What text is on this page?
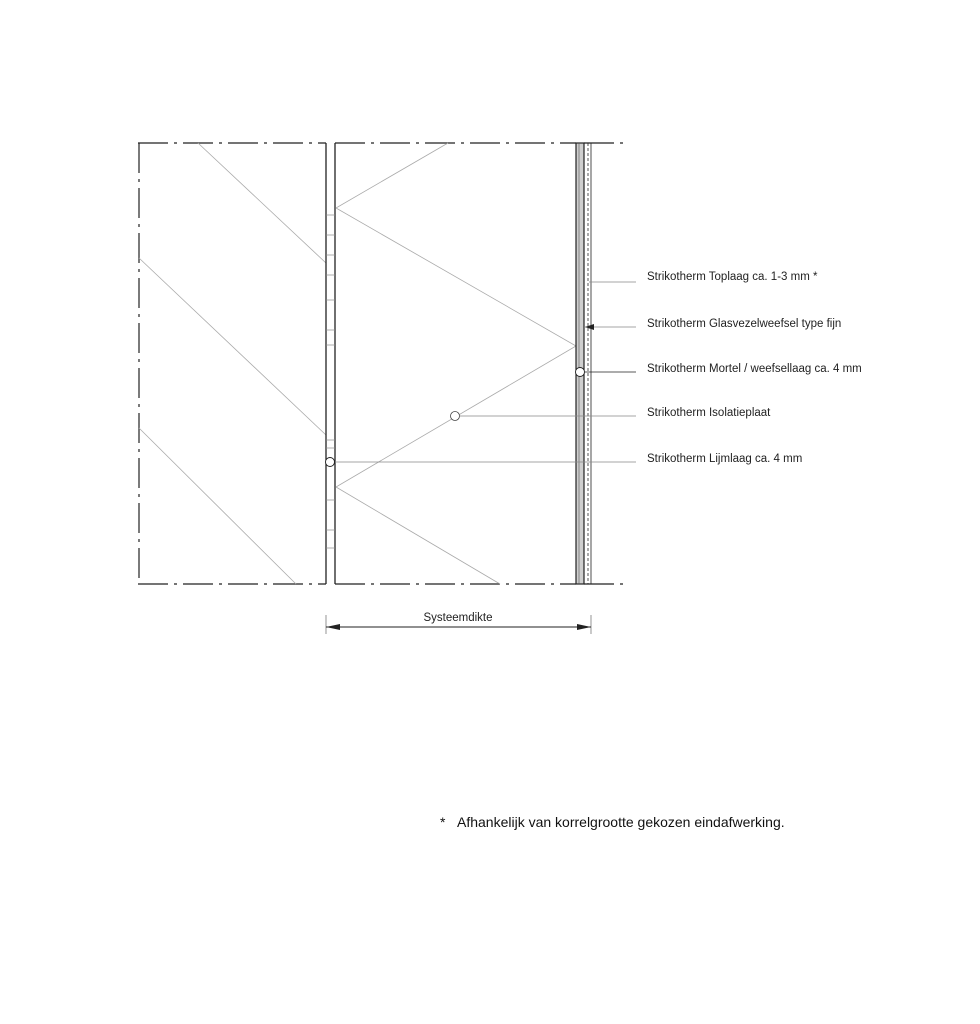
Strikotherm Toplaag ca. 1-3 mm *
Strikotherm Glasvezelweefsel type fijn
Strikotherm Mortel / weefsellaag ca. 4 mm
Strikotherm Isolatieplaat
Strikotherm Lijmlaag ca. 4 mm
Systeemdikte
* Afhankelijk van korrelgrootte gekozen eindafwerking.
